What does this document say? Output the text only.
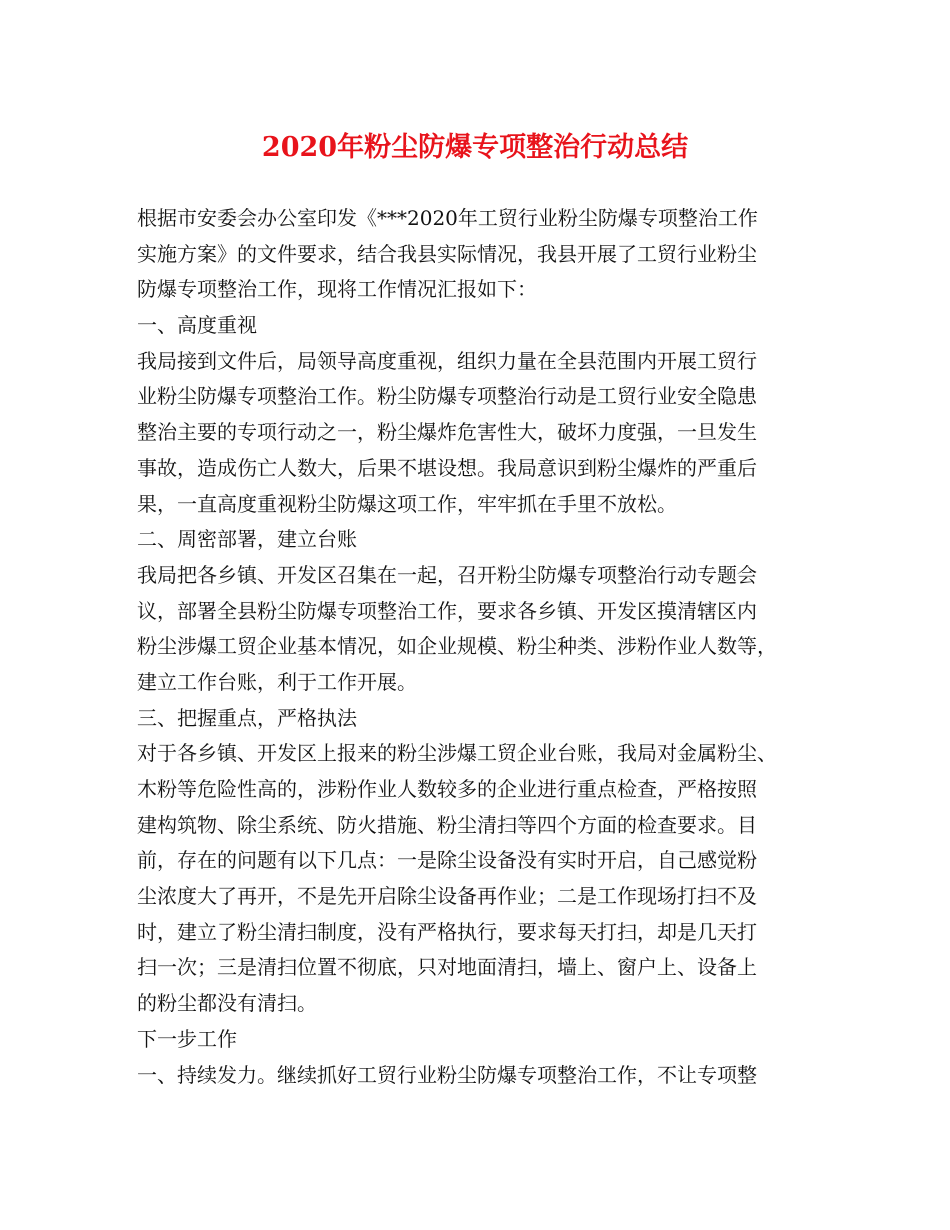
2020年粉尘防爆专项整治行动总结
根据市安委会办公室印发《***2020年工贸行业粉尘防爆专项整治工作
实施方案》的文件要求，结合我县实际情况，我县开展了工贸行业粉尘
防爆专项整治工作，现将工作情况汇报如下：
一、高度重视
我局接到文件后，局领导高度重视，组织力量在全县范围内开展工贸行
业粉尘防爆专项整治工作。粉尘防爆专项整治行动是工贸行业安全隐患
整治主要的专项行动之一，粉尘爆炸危害性大，破坏力度强，一旦发生
事故，造成伤亡人数大，后果不堪设想。我局意识到粉尘爆炸的严重后
果，一直高度重视粉尘防爆这项工作，牢牢抓在手里不放松。
二、周密部署，建立台账
我局把各乡镇、开发区召集在一起，召开粉尘防爆专项整治行动专题会
议，部署全县粉尘防爆专项整治工作，要求各乡镇、开发区摸清辖区内
粉尘涉爆工贸企业基本情况，如企业规模、粉尘种类、涉粉作业人数等，
建立工作台账，利于工作开展。
三、把握重点，严格执法
对于各乡镇、开发区上报来的粉尘涉爆工贸企业台账，我局对金属粉尘、
木粉等危险性高的，涉粉作业人数较多的企业进行重点检查，严格按照
建构筑物、除尘系统、防火措施、粉尘清扫等四个方面的检查要求。目
前，存在的问题有以下几点：一是除尘设备没有实时开启，自己感觉粉
尘浓度大了再开，不是先开启除尘设备再作业；二是工作现场打扫不及
时，建立了粉尘清扫制度，没有严格执行，要求每天打扫，却是几天打
扫一次；三是清扫位置不彻底，只对地面清扫，墙上、窗户上、设备上
的粉尘都没有清扫。
下一步工作
一、持续发力。继续抓好工贸行业粉尘防爆专项整治工作，不让专项整
